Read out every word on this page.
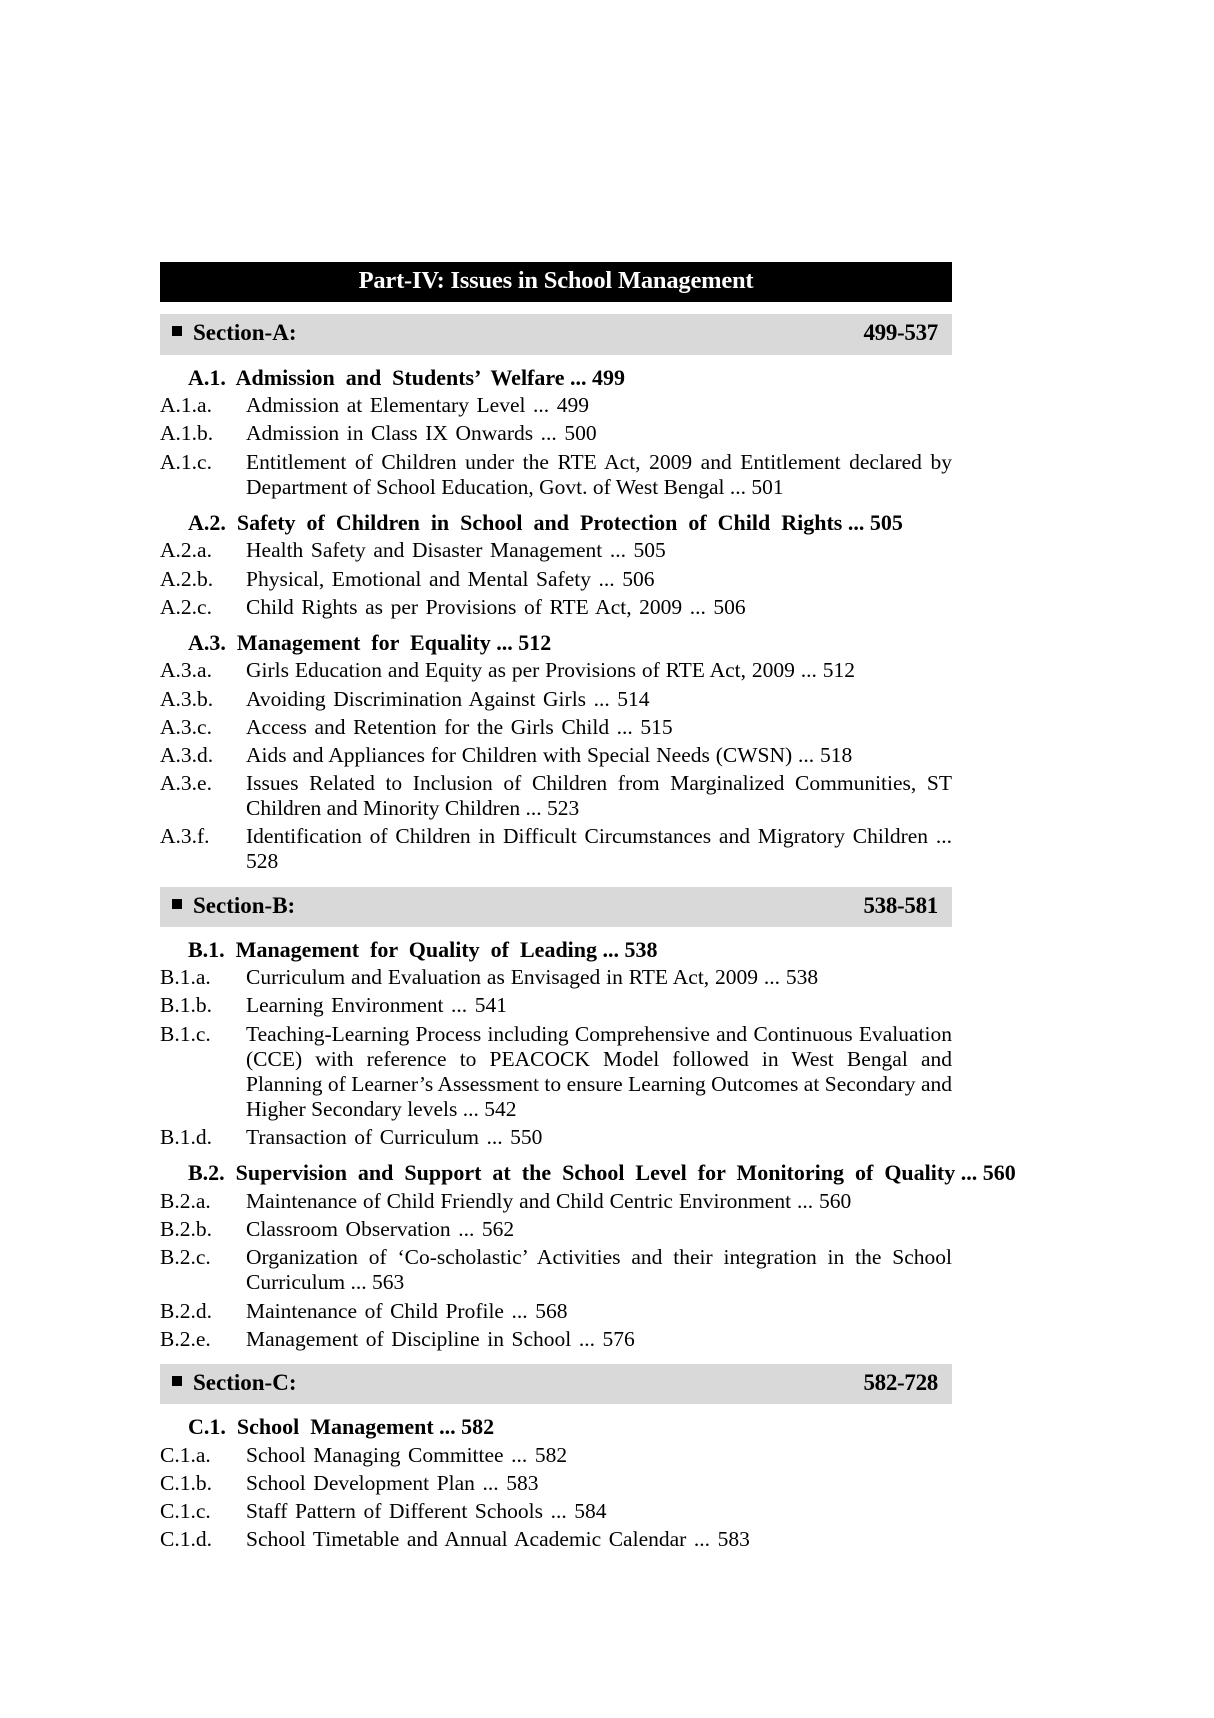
Part-IV: Issues in School Management
Section-A:	499-537
A.1.  Admission  and  Students’  Welfare ... 499
A.1.a. Admission at Elementary Level ... 499
A.1.b. Admission in Class IX Onwards ... 500
A.1.c. Entitlement of Children under the RTE Act, 2009 and Entitlement declared by Department of School Education, Govt. of West Bengal ... 501
A.2.  Safety  of  Children  in  School  and  Protection  of  Child  Rights ... 505
A.2.a. Health Safety and Disaster Management ... 505
A.2.b. Physical, Emotional and Mental Safety ... 506
A.2.c. Child Rights as per Provisions of RTE Act, 2009 ... 506
A.3.  Management  for  Equality ... 512
A.3.a. Girls Education and Equity as per Provisions of RTE Act, 2009 ... 512
A.3.b. Avoiding Discrimination Against Girls ... 514
A.3.c. Access and Retention for the Girls Child ... 515
A.3.d. Aids and Appliances for Children with Special Needs (CWSN) ... 518
A.3.e. Issues Related to Inclusion of Children from Marginalized Communities, ST Children and Minority Children ... 523
A.3.f. Identification of Children in Difficult Circumstances and Migratory Children ... 528
Section-B:	538-581
B.1.  Management  for  Quality  of  Leading ... 538
B.1.a. Curriculum and Evaluation as Envisaged in RTE Act, 2009 ... 538
B.1.b. Learning Environment ... 541
B.1.c. Teaching-Learning Process including Comprehensive and Continuous Evaluation (CCE) with reference to PEACOCK Model followed in West Bengal and Planning of Learner’s Assessment to ensure Learning Outcomes at Secondary and Higher Secondary levels ... 542
B.1.d. Transaction of Curriculum ... 550
B.2.  Supervision  and  Support  at  the  School  Level  for  Monitoring  of  Quality ... 560
B.2.a. Maintenance of Child Friendly and Child Centric Environment ... 560
B.2.b. Classroom Observation ... 562
B.2.c. Organization of ‘Co-scholastic’ Activities and their integration in the School Curriculum ... 563
B.2.d. Maintenance of Child Profile ... 568
B.2.e. Management of Discipline in School ... 576
Section-C:	582-728
C.1.  School  Management ... 582
C.1.a. School Managing Committee ... 582
C.1.b. School Development Plan ... 583
C.1.c. Staff Pattern of Different Schools ... 584
C.1.d. School Timetable and Annual Academic Calendar ... 583
